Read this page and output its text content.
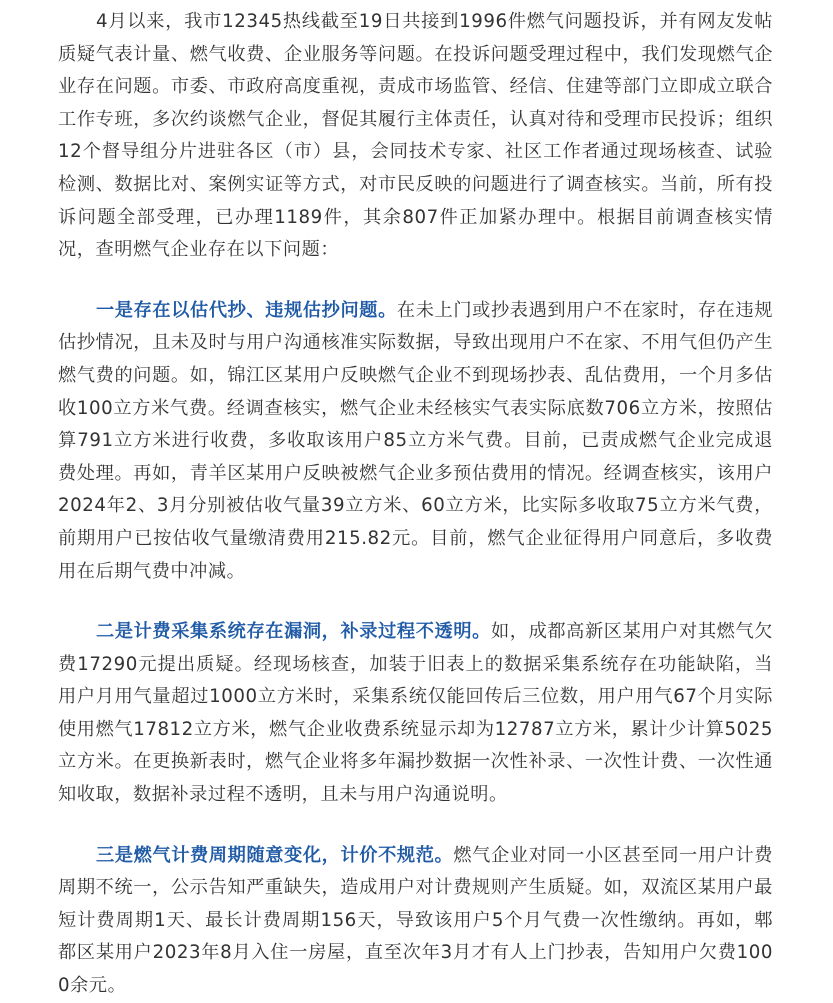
4月以来，我市12345热线截至19日共接到1996件燃气问题投诉，并有网友发帖质疑气表计量、燃气收费、企业服务等问题。在投诉问题受理过程中，我们发现燃气企业存在问题。市委、市政府高度重视，责成市场监管、经信、住建等部门立即成立联合工作专班，多次约谈燃气企业，督促其履行主体责任，认真对待和受理市民投诉；组织12个督导组分片进驻各区（市）县，会同技术专家、社区工作者通过现场核查、试验检测、数据比对、案例实证等方式，对市民反映的问题进行了调查核实。当前，所有投诉问题全部受理，已办理1189件，其余807件正加紧办理中。根据目前调查核实情况，查明燃气企业存在以下问题：

一是存在以估代抄、违规估抄问题。在未上门或抄表遇到用户不在家时，存在违规估抄情况，且未及时与用户沟通核准实际数据，导致出现用户不在家、不用气但仍产生燃气费的问题。如，锦江区某用户反映燃气企业不到现场抄表、乱估费用，一个月多估收100立方米气费。经调查核实，燃气企业未经核实气表实际底数706立方米，按照估算791立方米进行收费，多收取该用户85立方米气费。目前，已责成燃气企业完成退费处理。再如，青羊区某用户反映被燃气企业多预估费用的情况。经调查核实，该用户2024年2、3月分别被估收气量39立方米、60立方米，比实际多收取75立方米气费，前期用户已按估收气量缴清费用215.82元。目前，燃气企业征得用户同意后，多收费用在后期气费中冲减。

二是计费采集系统存在漏洞，补录过程不透明。如，成都高新区某用户对其燃气欠费17290元提出质疑。经现场核查，加装于旧表上的数据采集系统存在功能缺陷，当用户月用气量超过1000立方米时，采集系统仅能回传后三位数，用户用气67个月实际使用燃气17812立方米，燃气企业收费系统显示却为12787立方米，累计少计算5025立方米。在更换新表时，燃气企业将多年漏抄数据一次性补录、一次性计费、一次性通知收取，数据补录过程不透明，且未与用户沟通说明。

三是燃气计费周期随意变化，计价不规范。燃气企业对同一小区甚至同一用户计费周期不统一，公示告知严重缺失，造成用户对计费规则产生质疑。如，双流区某用户最短计费周期1天、最长计费周期156天，导致该用户5个月气费一次性缴纳。再如，郫都区某用户2023年8月入住一房屋，直至次年3月才有人上门抄表，告知用户欠费1000余元。
